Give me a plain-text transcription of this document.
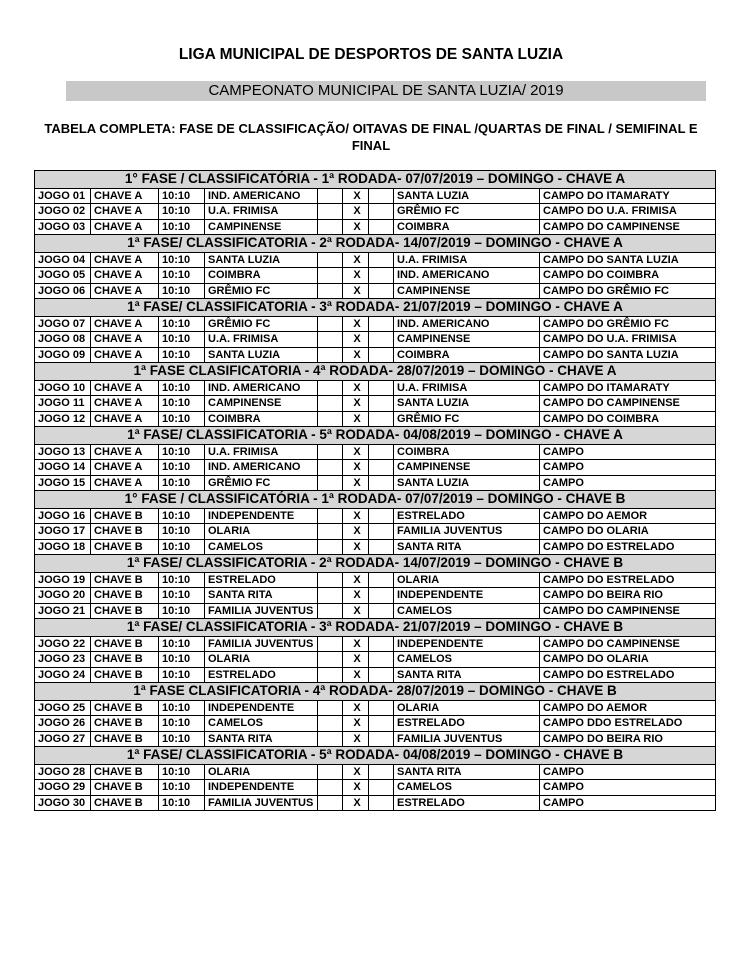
LIGA MUNICIPAL DE DESPORTOS DE SANTA LUZIA
CAMPEONATO MUNICIPAL DE SANTA LUZIA/ 2019
TABELA COMPLETA: FASE DE CLASSIFICAÇÃO/ OITAVAS DE FINAL /QUARTAS DE FINAL / SEMIFINAL E FINAL
1° FASE / CLASSIFICATÓRIA - 1ª RODADA- 07/07/2019 – DOMINGO - CHAVE A								
JOGO 01	CHAVE A	10:10	IND. AMERICANO		X		SANTA LUZIA	CAMPO DO ITAMARATY
JOGO 02	CHAVE A	10:10	U.A. FRIMISA		X		GRÊMIO FC	CAMPO DO U.A. FRIMISA
JOGO 03	CHAVE A	10:10	CAMPINENSE		X		COIMBRA	CAMPO DO CAMPINENSE
1ª FASE/ CLASSIFICATORIA - 2ª RODADA- 14/07/2019 – DOMINGO - CHAVE A								
JOGO 04	CHAVE A	10:10	SANTA LUZIA		X		U.A. FRIMISA	CAMPO DO SANTA LUZIA
JOGO 05	CHAVE A	10:10	COIMBRA		X		IND. AMERICANO	CAMPO DO COIMBRA
JOGO 06	CHAVE A	10:10	GRÊMIO FC		X		CAMPINENSE	CAMPO DO GRÊMIO FC
1ª FASE/ CLASSIFICATORIA - 3ª RODADA- 21/07/2019 – DOMINGO - CHAVE A								
JOGO 07	CHAVE A	10:10	GRÊMIO FC		X		IND. AMERICANO	CAMPO DO GRÊMIO FC
JOGO 08	CHAVE A	10:10	U.A. FRIMISA		X		CAMPINENSE	CAMPO DO U.A. FRIMISA
JOGO 09	CHAVE A	10:10	SANTA LUZIA		X		COIMBRA	CAMPO DO SANTA LUZIA
1ª FASE CLASIFICATORIA - 4ª RODADA- 28/07/2019 – DOMINGO - CHAVE A								
JOGO 10	CHAVE A	10:10	IND. AMERICANO		X		U.A. FRIMISA	CAMPO DO ITAMARATY
JOGO 11	CHAVE A	10:10	CAMPINENSE		X		SANTA LUZIA	CAMPO DO CAMPINENSE
JOGO 12	CHAVE A	10:10	COIMBRA		X		GRÊMIO FC	CAMPO DO COIMBRA
1ª FASE/ CLASSIFICATORIA - 5ª RODADA- 04/08/2019 – DOMINGO - CHAVE A								
JOGO 13	CHAVE A	10:10	U.A. FRIMISA		X		COIMBRA	CAMPO
JOGO 14	CHAVE A	10:10	IND. AMERICANO		X		CAMPINENSE	CAMPO
JOGO 15	CHAVE A	10:10	GRÊMIO FC		X		SANTA LUZIA	CAMPO
1° FASE / CLASSIFICATÓRIA - 1ª RODADA- 07/07/2019 – DOMINGO - CHAVE B								
JOGO 16	CHAVE B	10:10	INDEPENDENTE		X		ESTRELADO	CAMPO DO AEMOR
JOGO 17	CHAVE B	10:10	OLARIA		X		FAMILIA JUVENTUS	CAMPO DO OLARIA
JOGO 18	CHAVE B	10:10	CAMELOS		X		SANTA RITA	CAMPO DO ESTRELADO
1ª FASE/ CLASSIFICATORIA - 2ª RODADA- 14/07/2019 – DOMINGO - CHAVE B								
JOGO 19	CHAVE B	10:10	ESTRELADO		X		OLARIA	CAMPO DO ESTRELADO
JOGO 20	CHAVE B	10:10	SANTA RITA		X		INDEPENDENTE	CAMPO DO BEIRA RIO
JOGO 21	CHAVE B	10:10	FAMILIA JUVENTUS		X		CAMELOS	CAMPO DO CAMPINENSE
1ª FASE/ CLASSIFICATORIA - 3ª RODADA- 21/07/2019 – DOMINGO - CHAVE B								
JOGO 22	CHAVE B	10:10	FAMILIA JUVENTUS		X		INDEPENDENTE	CAMPO DO CAMPINENSE
JOGO 23	CHAVE B	10:10	OLARIA		X		CAMELOS	CAMPO DO OLARIA
JOGO 24	CHAVE B	10:10	ESTRELADO		X		SANTA RITA	CAMPO DO ESTRELADO
1ª FASE CLASIFICATORIA - 4ª RODADA- 28/07/2019 – DOMINGO - CHAVE B								
JOGO 25	CHAVE B	10:10	INDEPENDENTE		X		OLARIA	CAMPO DO AEMOR
JOGO 26	CHAVE B	10:10	CAMELOS		X		ESTRELADO	CAMPO DDO ESTRELADO
JOGO 27	CHAVE B	10:10	SANTA RITA		X		FAMILIA JUVENTUS	CAMPO DO BEIRA RIO
1ª FASE/ CLASSIFICATORIA - 5ª RODADA- 04/08/2019 – DOMINGO - CHAVE B								
JOGO 28	CHAVE B	10:10	OLARIA		X		SANTA RITA	CAMPO
JOGO 29	CHAVE B	10:10	INDEPENDENTE		X		CAMELOS	CAMPO
JOGO 30	CHAVE B	10:10	FAMILIA JUVENTUS		X		ESTRELADO	CAMPO
